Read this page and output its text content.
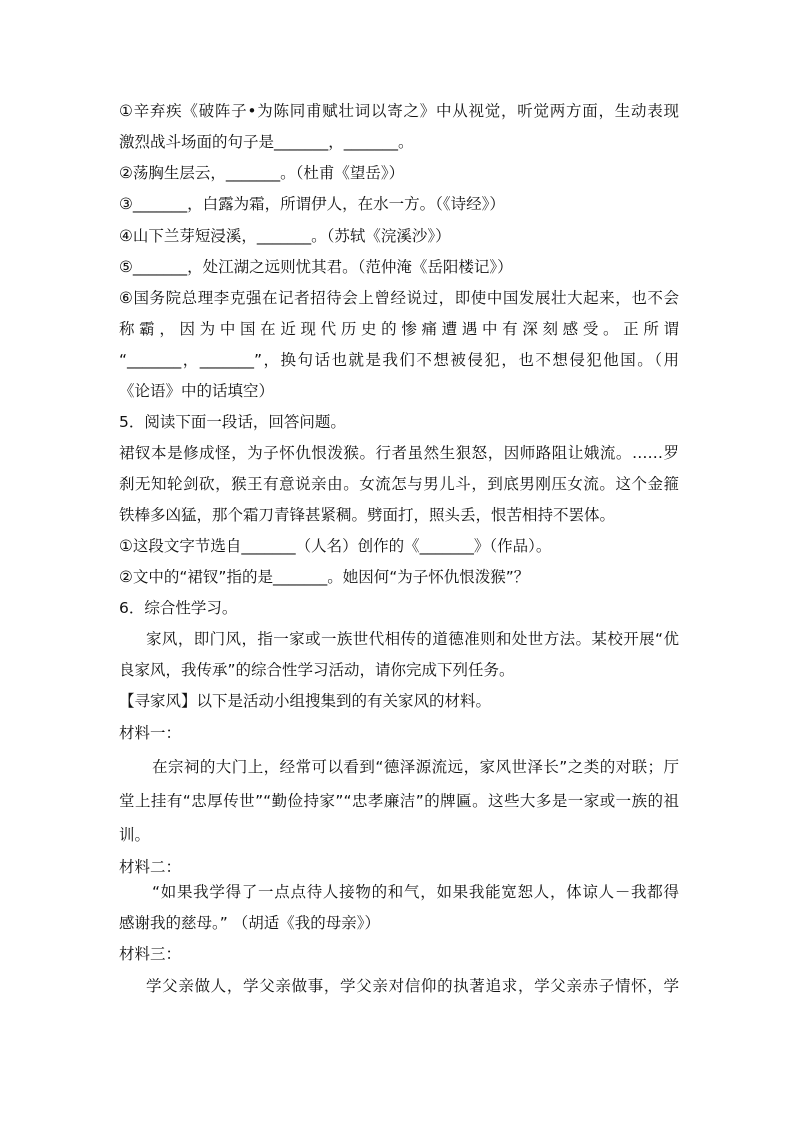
①辛弃疾《破阵子•为陈同甫赋壮词以寄之》中从视觉，听觉两方面，生动表现
激烈战斗场面的句子是_______，_______。
②荡胸生层云，_______。（杜甫《望岳》）
③_______，白露为霜，所谓伊人，在水一方。（《诗经》）
④山下兰芽短浸溪，_______。（苏轼《浣溪沙》）
⑤_______，处江湖之远则忧其君。（范仲淹《岳阳楼记》）
⑥国务院总理李克强在记者招待会上曾经说过，即使中国发展壮大起来，也不会
称霸，因为中国在近现代历史的惨痛遭遇中有深刻感受。正所谓
“_______，_______”，换句话也就是我们不想被侵犯，也不想侵犯他国。（用
《论语》中的话填空）
5．阅读下面一段话，回答问题。
裙钗本是修成怪，为子怀仇恨泼猴。行者虽然生狠怒，因师路阻让娥流。……罗
刹无知轮剑砍，猴王有意说亲由。女流怎与男儿斗，到底男刚压女流。这个金箍
铁棒多凶猛，那个霜刀青锋甚紧稠。劈面打，照头丢，恨苦相持不罢体。
①这段文字节选自_______（人名）创作的《_______》（作品）。
②文中的“裙钗”指的是_______。她因何“为子怀仇恨泼猴”？
6．综合性学习。
家风，即门风，指一家或一族世代相传的道德准则和处世方法。某校开展“优
良家风，我传承”的综合性学习活动，请你完成下列任务。
【寻家风】以下是活动小组搜集到的有关家风的材料。
材料一：
在宗祠的大门上，经常可以看到“德泽源流远，家风世泽长”之类的对联；厅
堂上挂有“忠厚传世”“勤俭持家”“忠孝廉洁”的牌匾。这些大多是一家或一族的祖
训。
材料二：
“如果我学得了一点点待人接物的和气，如果我能宽恕人，体谅人－我都得
感谢我的慈母。” （胡适《我的母亲》）
材料三：
学父亲做人，学父亲做事，学父亲对信仰的执著追求，学父亲赤子情怀，学
